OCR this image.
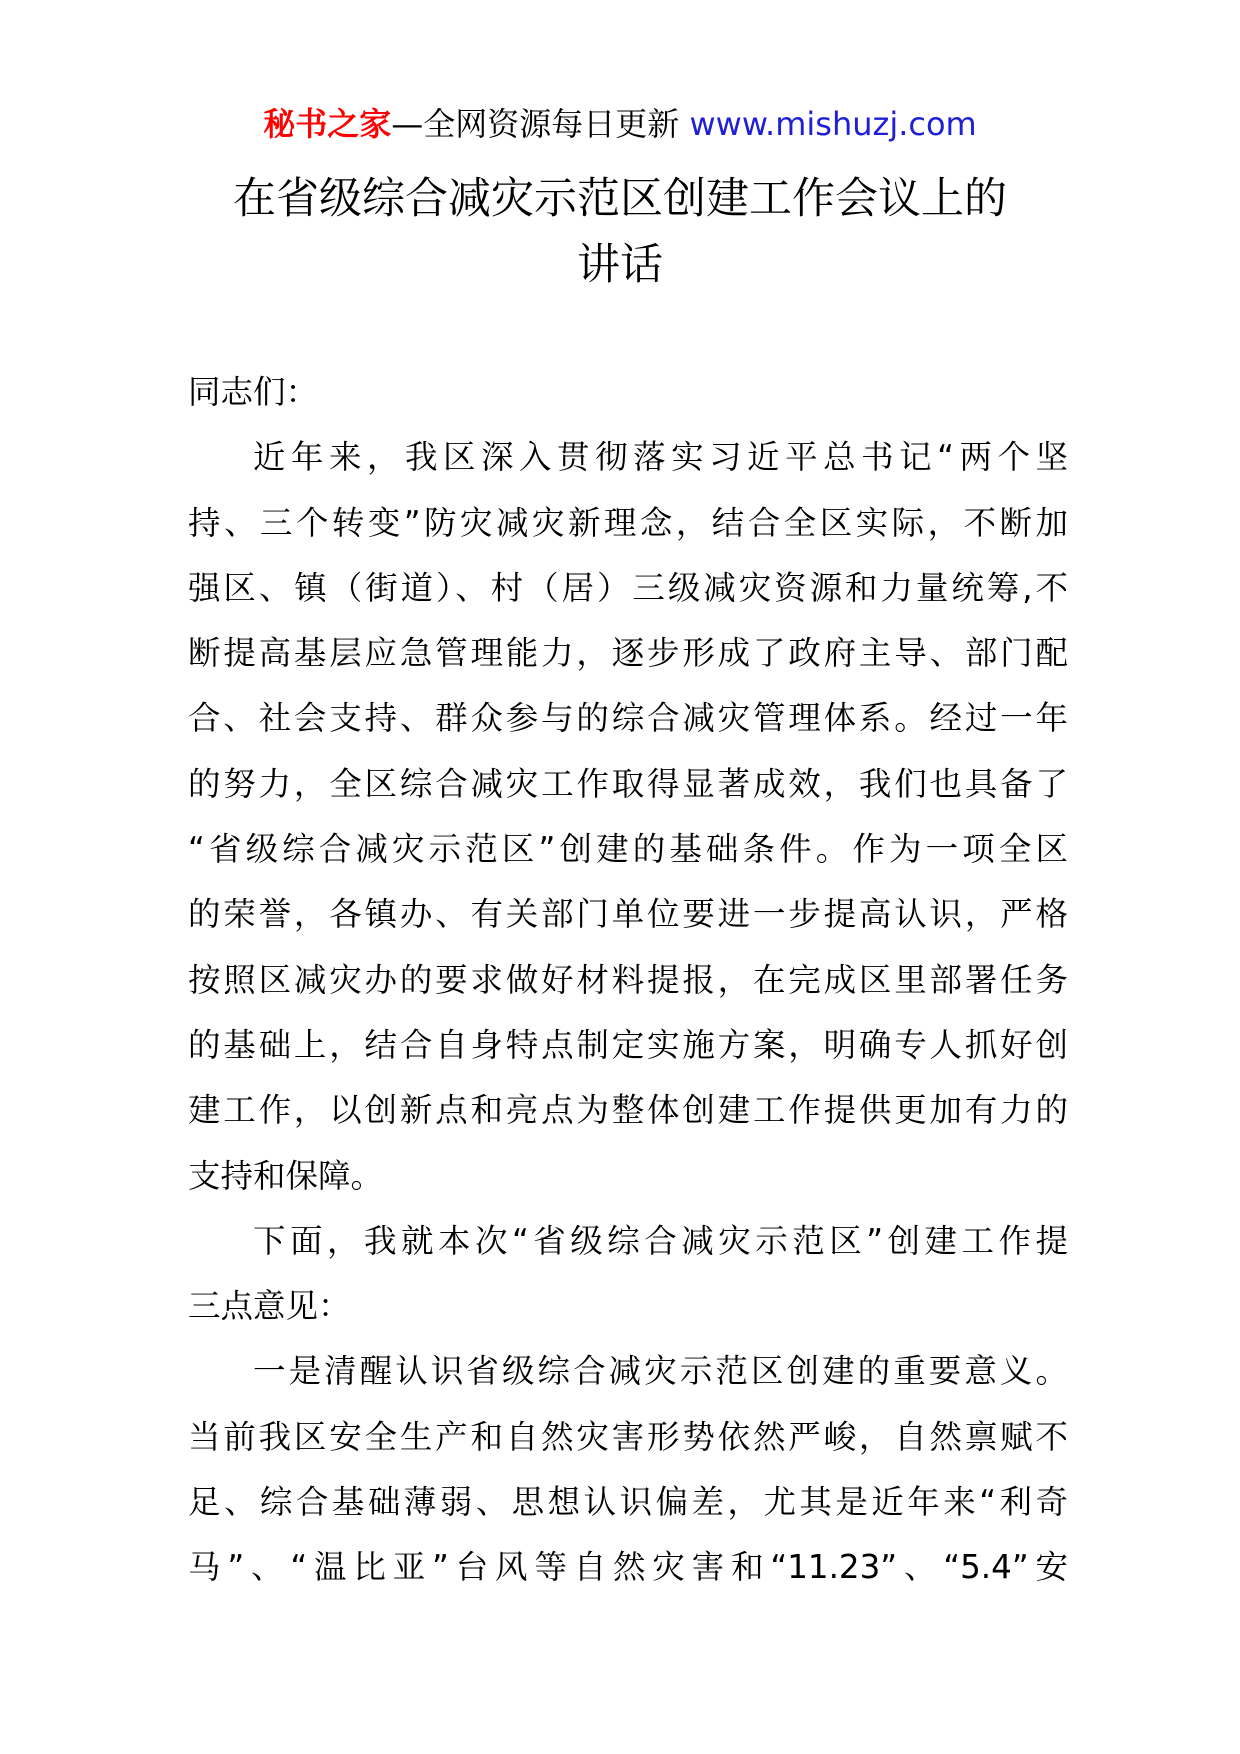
秘书之家—全网资源每日更新 www.mishuzj.com
在省级综合减灾示范区创建工作会议上的
讲话
同志们：
近年来，我区深入贯彻落实习近平总书记“两个坚
持、三个转变”防灾减灾新理念，结合全区实际，不断加
强区、镇（街道）、村（居）三级减灾资源和力量统筹,不
断提高基层应急管理能力，逐步形成了政府主导、部门配
合、社会支持、群众参与的综合减灾管理体系。经过一年
的努力，全区综合减灾工作取得显著成效，我们也具备了
“省级综合减灾示范区”创建的基础条件。作为一项全区
的荣誉，各镇办、有关部门单位要进一步提高认识，严格
按照区减灾办的要求做好材料提报，在完成区里部署任务
的基础上，结合自身特点制定实施方案，明确专人抓好创
建工作，以创新点和亮点为整体创建工作提供更加有力的
支持和保障。
下面，我就本次“省级综合减灾示范区”创建工作提
三点意见：
一是清醒认识省级综合减灾示范区创建的重要意义。
当前我区安全生产和自然灾害形势依然严峻，自然禀赋不
足、综合基础薄弱、思想认识偏差，尤其是近年来“利奇
马”、“温比亚”台风等自然灾害和“11.23”、“5.4”安
